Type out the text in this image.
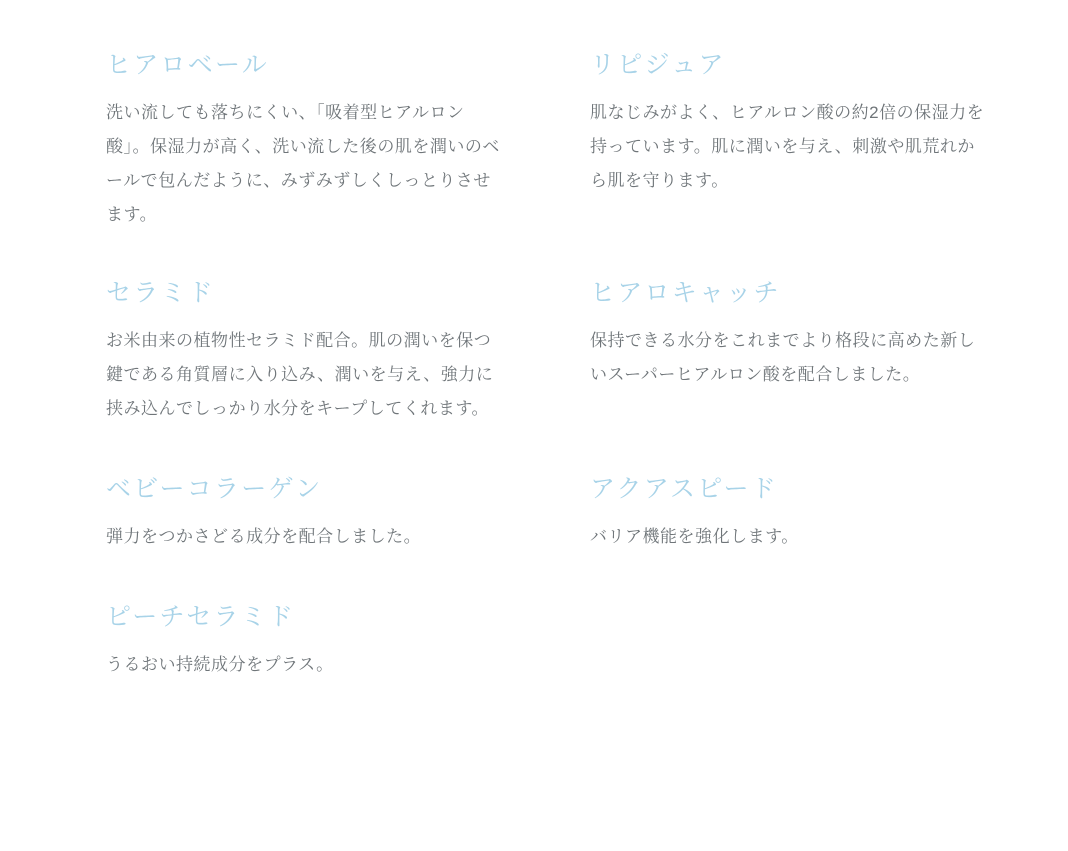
ヒアロベール

洗い流しても落ちにくい、「吸着型ヒアルロン酸」。保湿力が高く、洗い流した後の肌を潤いのベールで包んだように、みずみずしくしっとりさせます。

リピジュア

肌なじみがよく、ヒアルロン酸の約2倍の保湿力を持っています。肌に潤いを与え、刺激や肌荒れから肌を守ります。

セラミド

お米由来の植物性セラミド配合。肌の潤いを保つ鍵である角質層に入り込み、潤いを与え、強力に挟み込んでしっかり水分をキープしてくれます。

ヒアロキャッチ

保持できる水分をこれまでより格段に高めた新しいスーパーヒアルロン酸を配合しました。

ベビーコラーゲン

弾力をつかさどる成分を配合しました。

アクアスピード

バリア機能を強化します。

ピーチセラミド

うるおい持続成分をプラス。
